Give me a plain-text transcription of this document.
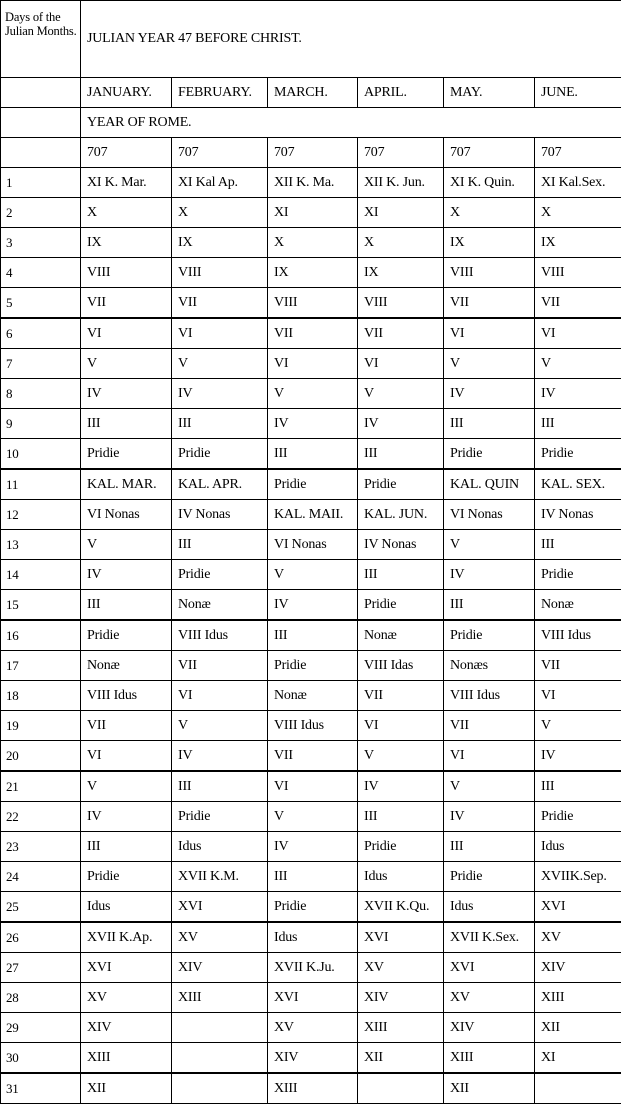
Days of the Julian Months.	JULIAN YEAR 47 BEFORE CHRIST.					
	JANUARY.	FEBRUARY.	MARCH.	APRIL.	MAY.	JUNE.
	YEAR OF ROME.					
	707	707	707	707	707	707
1	XI K. Mar.	XI Kal Ap.	XII K. Ma.	XII K. Jun.	XI K. Quin.	XI Kal.Sex.
2	X	X	XI	XI	X	X
3	IX	IX	X	X	IX	IX
4	VIII	VIII	IX	IX	VIII	VIII
5	VII	VII	VIII	VIII	VII	VII
6	VI	VI	VII	VII	VI	VI
7	V	V	VI	VI	V	V
8	IV	IV	V	V	IV	IV
9	III	III	IV	IV	III	III
10	Pridie	Pridie	III	III	Pridie	Pridie
11	KAL. MAR.	KAL. APR.	Pridie	Pridie	KAL. QUIN	KAL. SEX.
12	VI Nonas	IV Nonas	KAL. MAII.	KAL. JUN.	VI Nonas	IV Nonas
13	V	III	VI Nonas	IV Nonas	V	III
14	IV	Pridie	V	III	IV	Pridie
15	III	Nonæ	IV	Pridie	III	Nonæ
16	Pridie	VIII Idus	III	Nonæ	Pridie	VIII Idus
17	Nonæ	VII	Pridie	VIII Idas	Nonæs	VII
18	VIII Idus	VI	Nonæ	VII	VIII Idus	VI
19	VII	V	VIII Idus	VI	VII	V
20	VI	IV	VII	V	VI	IV
21	V	III	VI	IV	V	III
22	IV	Pridie	V	III	IV	Pridie
23	III	Idus	IV	Pridie	III	Idus
24	Pridie	XVII K.M.	III	Idus	Pridie	XVIIK.Sep.
25	Idus	XVI	Pridie	XVII K.Qu.	Idus	XVI
26	XVII K.Ap.	XV	Idus	XVI	XVII K.Sex.	XV
27	XVI	XIV	XVII K.Ju.	XV	XVI	XIV
28	XV	XIII	XVI	XIV	XV	XIII
29	XIV		XV	XIII	XIV	XII
30	XIII		XIV	XII	XIII	XI
31	XII		XIII		XII	
